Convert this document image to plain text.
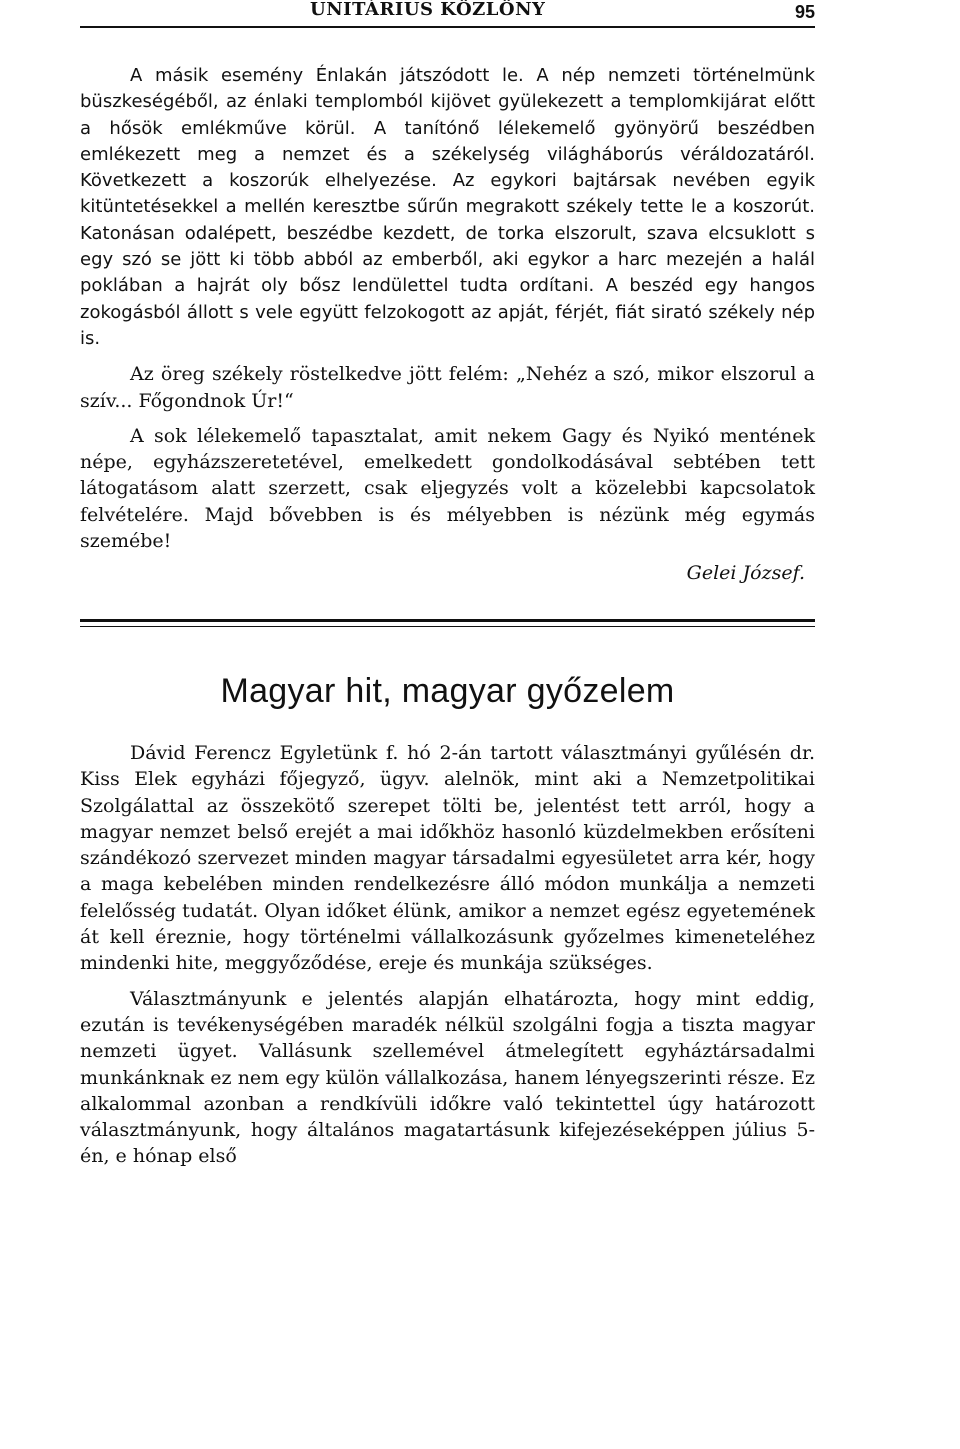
UNITÁRIUS KÖZLÖNY	95

A másik esemény Énlakán játszódott le. A nép nemzeti történelmünk büszkeségéből, az énlaki templomból kijövet gyülekezett a templomkijárat előtt a hősök emlékműve körül. A tanítónő lélekemelő gyönyörű beszédben emlékezett meg a nemzet és a székelység világháborús véráldozatáról. Következett a koszorúk elhelyezése. Az egykori bajtársak nevében egyik kitüntetésekkel a mellén keresztbe sűrűn megrakott székely tette le a koszorút. Katonásan odalépett, beszédbe kezdett, de torka elszorult, szava elcsuklott s egy szó se jött ki több abból az emberből, aki egykor a harc mezején a halál poklában a hajrát oly bősz lendülettel tudta ordítani. A beszéd egy hangos zokogásból állott s vele együtt felzokogott az apját, férjét, fiát sirató székely nép is.

Az öreg székely röstelkedve jött felém: „Nehéz a szó, mikor elszorul a szív... Főgondnok Úr!“

A sok lélekemelő tapasztalat, amit nekem Gagy és Nyikó mentének népe, egyházszeretetével, emelkedett gondolkodásával sebtében tett látogatásom alatt szerzett, csak eljegyzés volt a közelebbi kapcsolatok felvételére. Majd bővebben is és mélyebben is nézünk még egymás szemébe!

Gelei József.
Magyar hit, magyar győzelem

Dávid Ferencz Egyletünk f. hó 2-án tartott választmányi gyűlésén dr. Kiss Elek egyházi főjegyző, ügyv. alelnök, mint aki a Nemzetpolitikai Szolgálattal az összekötő szerepet tölti be, jelentést tett arról, hogy a magyar nemzet belső erejét a mai időkhöz hasonló küzdelmekben erősíteni szándékozó szervezet minden magyar társadalmi egyesületet arra kér, hogy a maga kebelében minden rendelkezésre álló módon munkálja a nemzeti felelősség tudatát. Olyan időket élünk, amikor a nemzet egész egyetemének át kell éreznie, hogy történelmi vállalkozásunk győzelmes kimeneteléhez mindenki hite, meggyőződése, ereje és munkája szükséges.

Választmányunk e jelentés alapján elhatározta, hogy mint eddig, ezután is tevékenységében maradék nélkül szolgálni fogja a tiszta magyar nemzeti ügyet. Vallásunk szellemével átmelegített egyháztársadalmi munkánknak ez nem egy külön vállalkozása, hanem lényegszerinti része. Ez alkalommal azonban a rendkívüli időkre való tekintettel úgy határozott választmányunk, hogy általános magatartásunk kifejezéseképpen július 5-én, e hónap első
